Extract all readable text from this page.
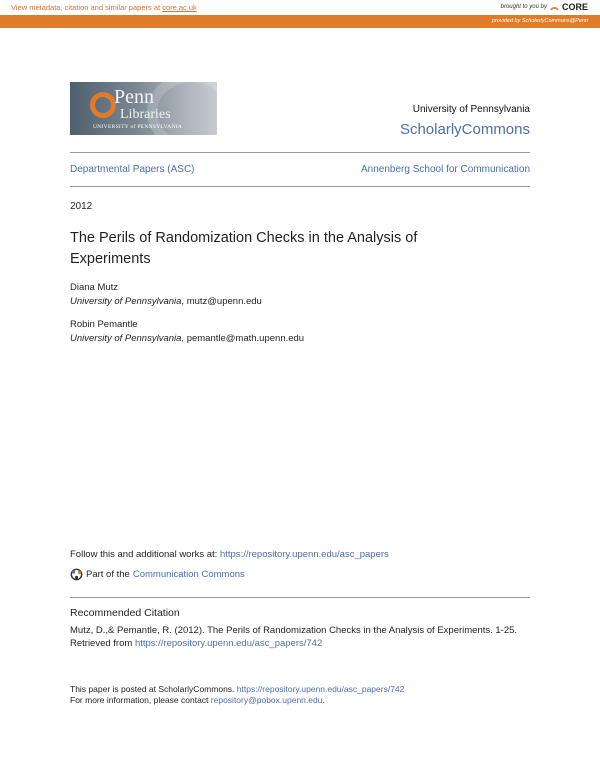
View metadata, citation and similar papers at core.ac.uk	brought to you by CORE
provided by ScholarlyCommons@Penn
Penn
Libraries
UNIVERSITY of PENNSYLVANIA
University of Pennsylvania
ScholarlyCommons
Departmental Papers (ASC)	Annenberg School for Communication
2012
The Perils of Randomization Checks in the Analysis of Experiments
Diana Mutz
University of Pennsylvania, mutz@upenn.edu
Robin Pemantle
University of Pennsylvania, pemantle@math.upenn.edu
Follow this and additional works at: https://repository.upenn.edu/asc_papers
Part of the Communication Commons
Recommended Citation
Mutz, D.,& Pemantle, R. (2012). The Perils of Randomization Checks in the Analysis of Experiments. 1-25.
Retrieved from https://repository.upenn.edu/asc_papers/742
This paper is posted at ScholarlyCommons. https://repository.upenn.edu/asc_papers/742
For more information, please contact repository@pobox.upenn.edu.
